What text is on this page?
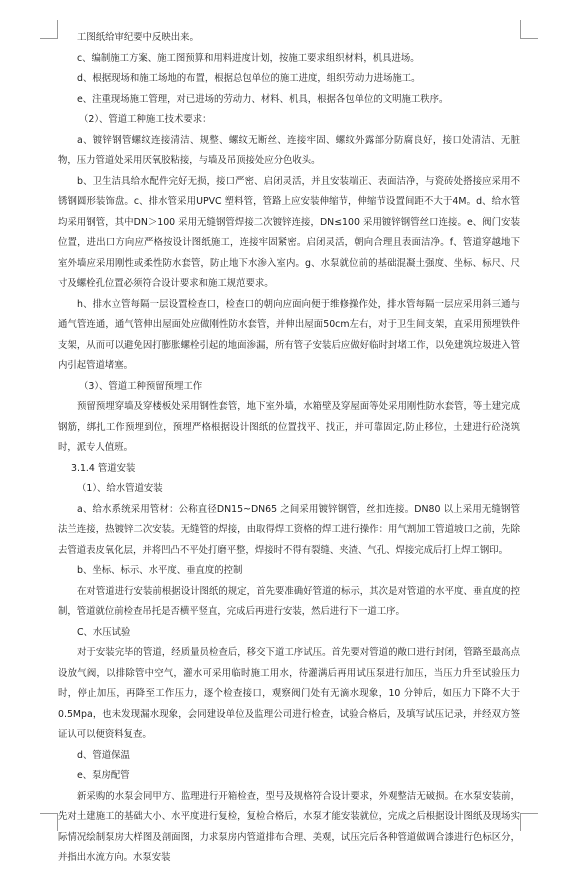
工图纸给审纪要中反映出来。

c、编制施工方案、施工图预算和用料进度计划，按施工要求组织材料，机具进场。

d、根据现场和施工场地的布置，根据总包单位的施工进度，组织劳动力进场施工。

e、注重现场施工管理，对已进场的劳动力、材料、机具，根据各包单位的文明施工秩序。

（2）、管道工种施工技术要求：

a、镀锌钢管螺纹连接清洁、规整、螺纹无断丝、连接牢固、螺纹外露部分防腐良好，接口处清洁、无脏物，压力管道处采用厌氧胶粘接，与墙及吊顶接处应分色收头。

b、卫生洁具给水配件完好无损，接口严密、启闭灵活，并且安装端正、表面洁净，与瓷砖处搭接应采用不锈钢圆形装饰盘。c、排水管采用UPVC 塑料管，管路上应安装伸缩节，伸缩节设置间距不大于4M。d、给水管均采用钢管，其中DN＞100 采用无缝钢管焊接二次镀锌连接，DN≤100 采用镀锌钢管丝口连接。e、阀门安装位置，进出口方向应严格按设计图纸施工，连接牢固紧密。启闭灵活，朝向合理且表面洁净。f、管道穿越地下室外墙应采用刚性或柔性防水套管，防止地下水渗入室内。g、水泵就位前的基础混凝土强度、坐标、标尺、尺寸及螺栓孔位置必须符合设计要求和施工规范要求。

h、排水立管每隔一层设置检查口，检查口的朝向应面向便于维修操作处，排水管每隔一层应采用斜三通与通气管连通，通气管伸出屋面处应做刚性防水套管，并伸出屋面50cm左右，对于卫生间支架，直采用预埋铁件支架，从而可以避免因打膨胀螺栓引起的地面渗漏，所有管子安装后应做好临时封堵工作，以免建筑垃圾进入管内引起管道堵塞。

（3）、管道工种预留预埋工作

预留预埋穿墙及穿楼板处采用钢性套管，地下室外墙，水箱壁及穿屋面等处采用刚性防水套管，等土建完成钢筋，绑扎工作预埋到位，预埋严格根据设计图纸的位置找平、找正，并可靠固定,防止移位，土建进行砼浇筑时，派专人值班。

3.1.4 管道安装

（1）、给水管道安装

a、给水系统采用管材：公称直径DN15~DN65 之间采用镀锌钢管，丝扣连接。DN80 以上采用无缝钢管法兰连接，热镀锌二次安装。无缝管的焊接，由取得焊工资格的焊工进行操作：用气割加工管道坡口之前，先除去管道表皮氧化层，并将凹凸不平处打磨平整，焊接时不得有裂缝、夹渣、气孔、焊接完成后打上焊工钢印。

b、坐标、标示、水平度、垂直度的控制

在对管道进行安装前根据设计图纸的规定，首先要准确好管道的标示，其次是对管道的水平度、垂直度的控制，管道就位前检查吊托是否横平竖直，完成后再进行安装，然后进行下一道工序。

C、水压试验

对于安装完毕的管道，经质量员检查后，移交下道工序试压。首先要对管道的敞口进行封闭，管路至最高点设放气阀，以排除管中空气，灌水可采用临时施工用水，待灌满后再用试压泵进行加压，当压力升至试验压力时，停止加压，再降至工作压力，逐个检查接口，观察阀门处有无滴水现象，10 分钟后，如压力下降不大于0.5Mpa，也未发现漏水现象，会同建设单位及监理公司进行检查，试验合格后，及填写试压记录，并经双方签证认可以便资料复查。

d、管道保温

e、泵房配管

新采购的水泵会同甲方、监理进行开箱检查，型号及规格符合设计要求，外观整洁无破损。在水泵安装前，先对土建施工的基础大小、水平度进行复检，复检合格后，水泵才能安装就位，完成之后根据设计图纸及现场实际情况绘制泵房大样图及剖面图，力求泵房内管道排布合理、美观，试压完后各种管道做调合漆进行色标区分，并指出水流方向。水泵安装
